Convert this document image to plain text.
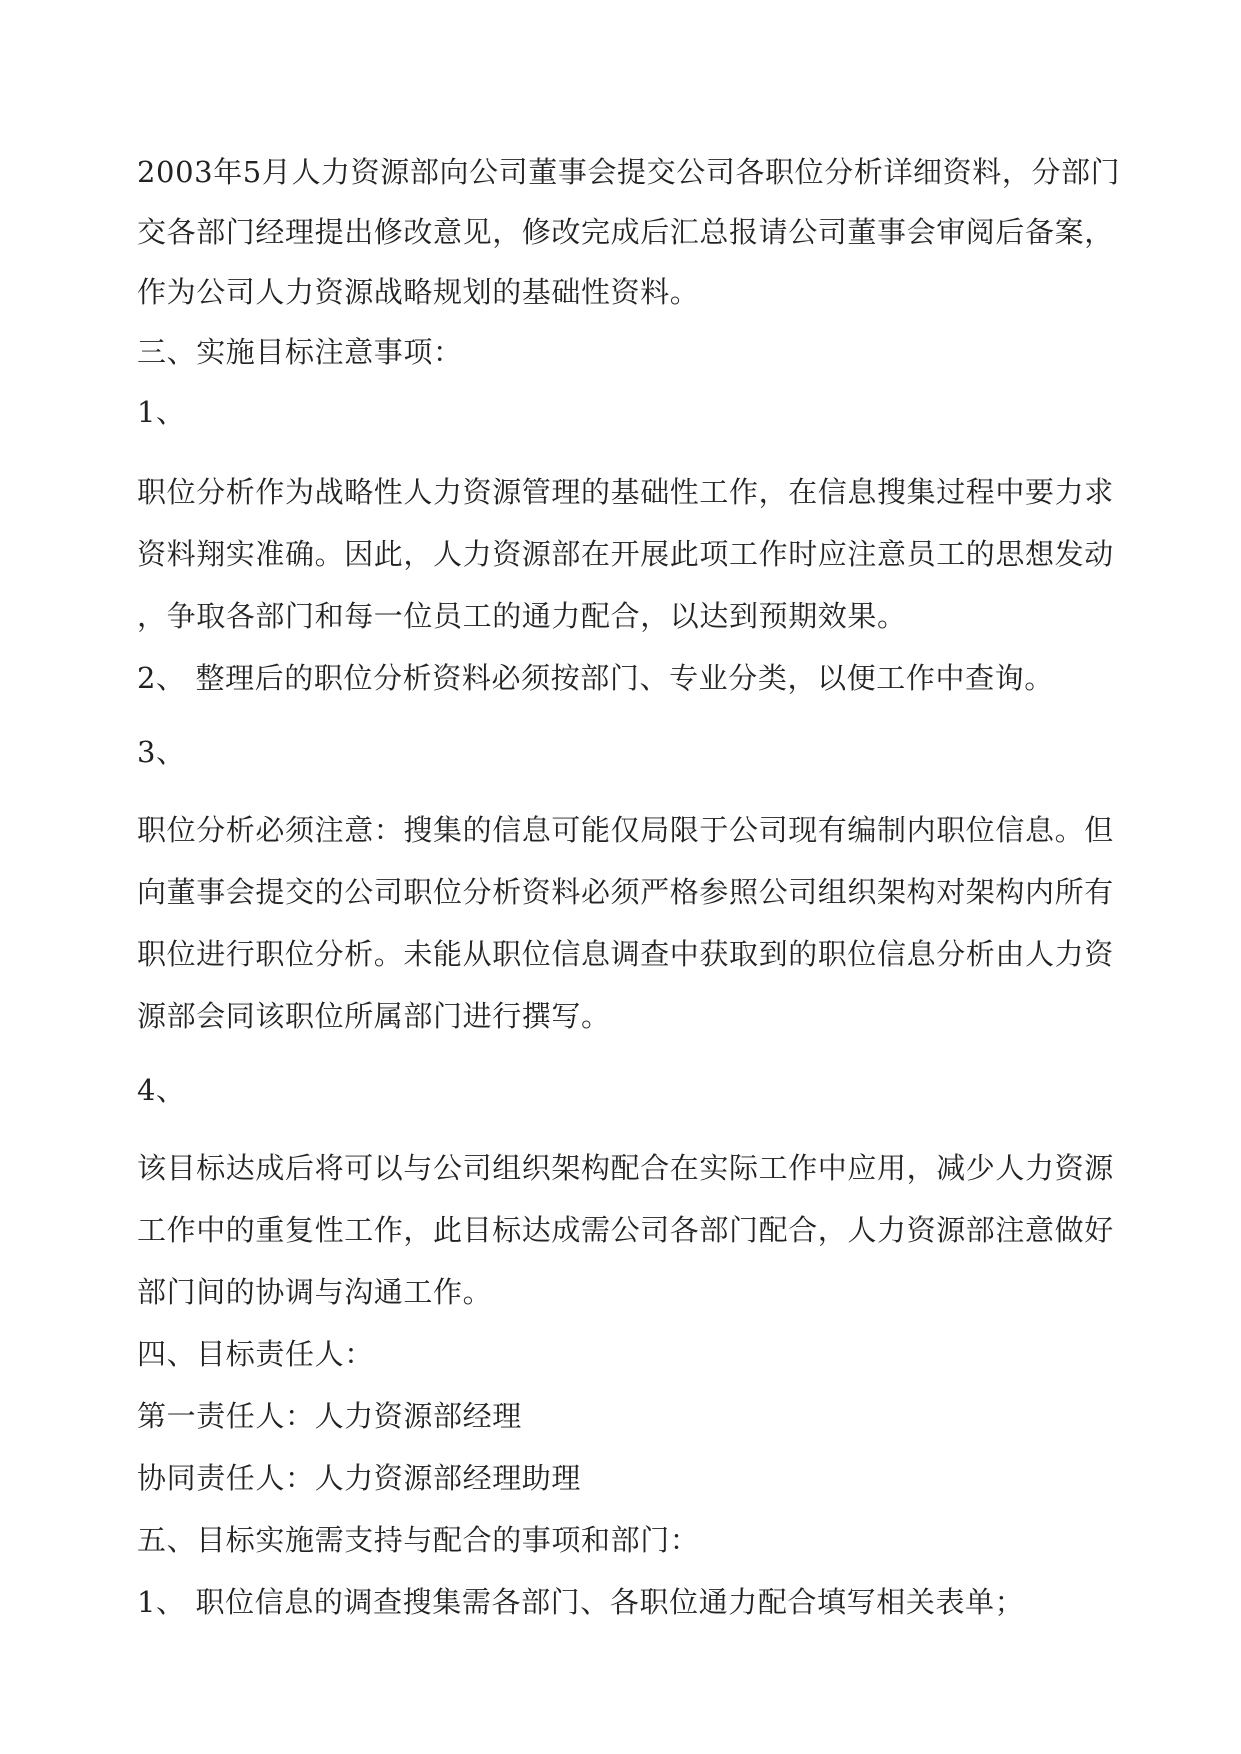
2003年5月人力资源部向公司董事会提交公司各职位分析详细资料，分部门
交各部门经理提出修改意见，修改完成后汇总报请公司董事会审阅后备案，
作为公司人力资源战略规划的基础性资料。
三、实施目标注意事项：
1、
职位分析作为战略性人力资源管理的基础性工作，在信息搜集过程中要力求
资料翔实准确。因此，人力资源部在开展此项工作时应注意员工的思想发动
，争取各部门和每一位员工的通力配合，以达到预期效果。
2、 整理后的职位分析资料必须按部门、专业分类，以便工作中查询。
3、
职位分析必须注意：搜集的信息可能仅局限于公司现有编制内职位信息。但
向董事会提交的公司职位分析资料必须严格参照公司组织架构对架构内所有
职位进行职位分析。未能从职位信息调查中获取到的职位信息分析由人力资
源部会同该职位所属部门进行撰写。
4、
该目标达成后将可以与公司组织架构配合在实际工作中应用，减少人力资源
工作中的重复性工作，此目标达成需公司各部门配合，人力资源部注意做好
部门间的协调与沟通工作。
四、目标责任人：
第一责任人：人力资源部经理
协同责任人：人力资源部经理助理
五、目标实施需支持与配合的事项和部门：
1、 职位信息的调查搜集需各部门、各职位通力配合填写相关表单；
